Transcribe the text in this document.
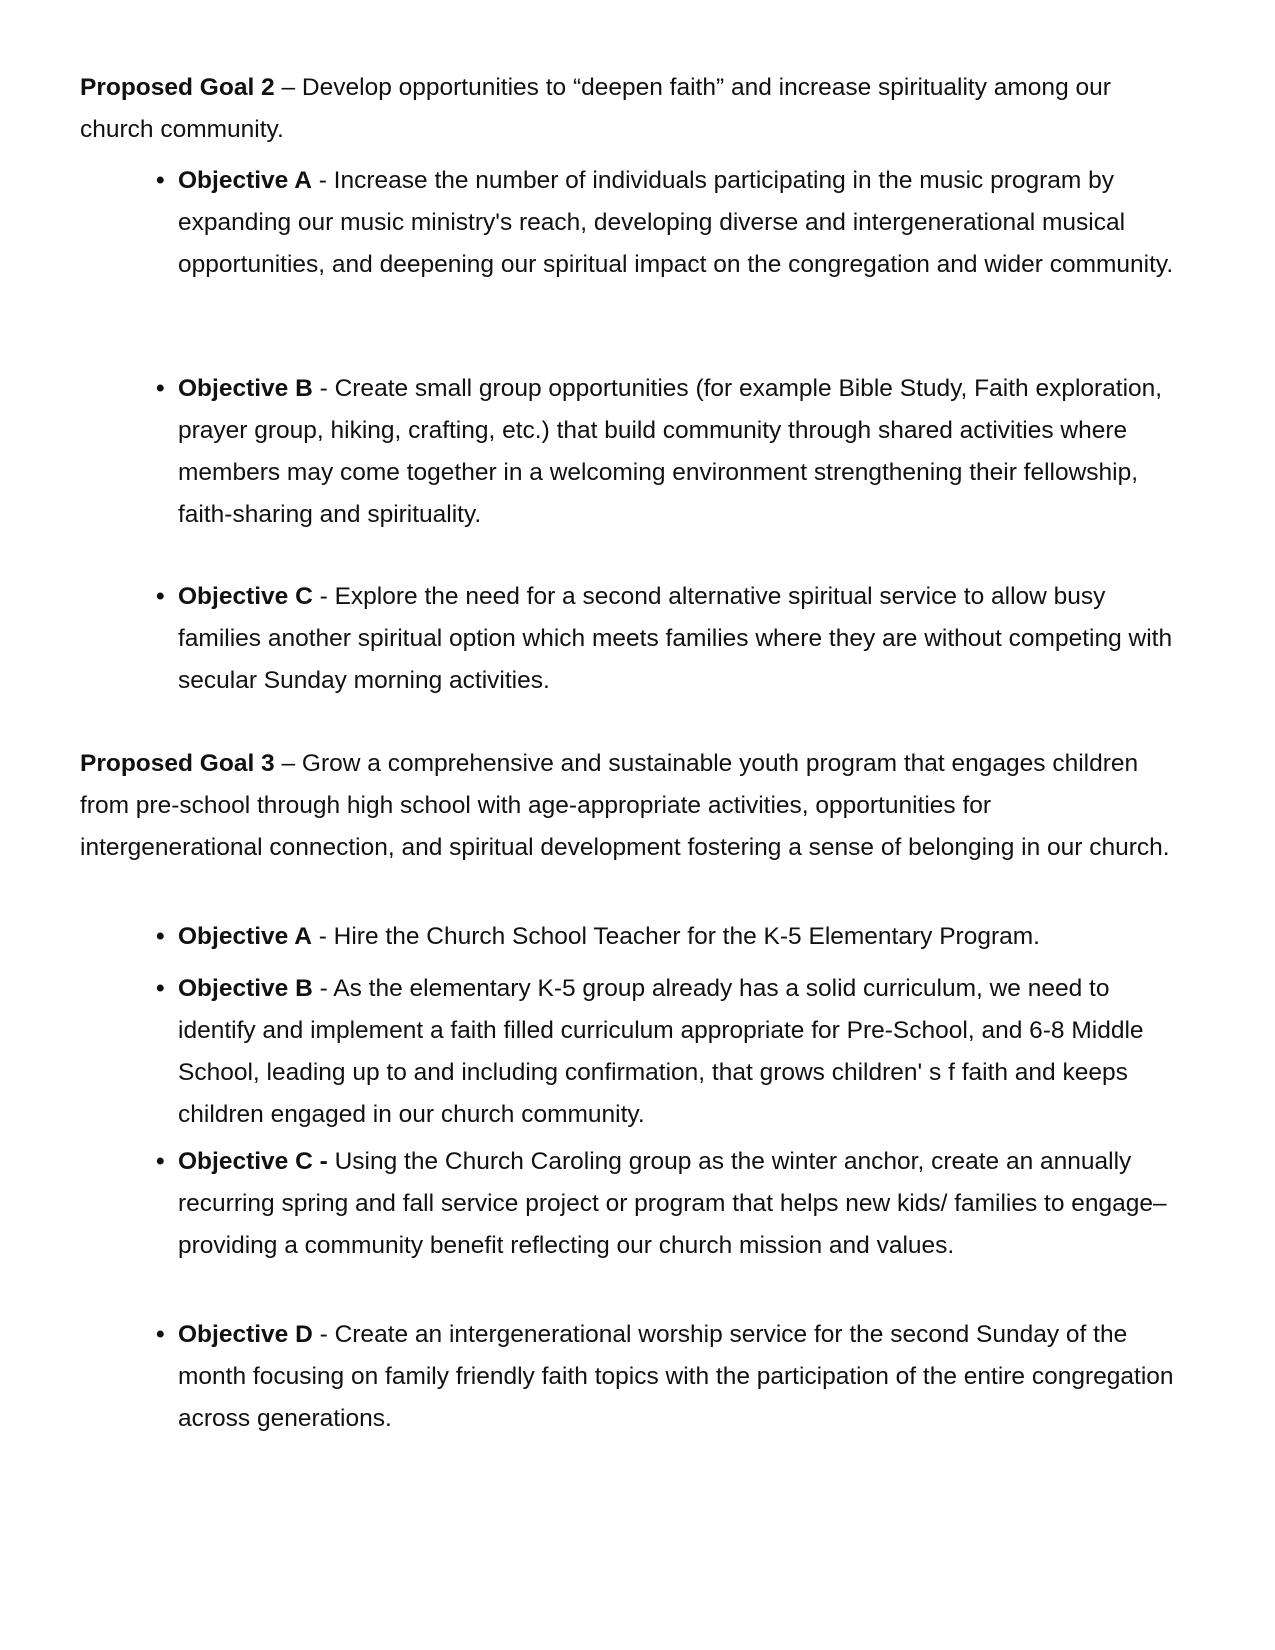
Proposed Goal 2 – Develop opportunities to “deepen faith” and increase spirituality among our church community.

• Objective A - Increase the number of individuals participating in the music program by expanding our music ministry's reach, developing diverse and intergenerational musical opportunities, and deepening our spiritual impact on the congregation and wider community.

• Objective B - Create small group opportunities (for example Bible Study, Faith exploration, prayer group, hiking, crafting, etc.) that build community through shared activities where members may come together in a welcoming environment strengthening their fellowship, faith-sharing and spirituality.

• Objective C - Explore the need for a second alternative spiritual service to allow busy families another spiritual option which meets families where they are without competing with secular Sunday morning activities.

Proposed Goal 3 – Grow a comprehensive and sustainable youth program that engages children from pre-school through high school with age-appropriate activities, opportunities for intergenerational connection, and spiritual development fostering a sense of belonging in our church.

• Objective A - Hire the Church School Teacher for the K-5 Elementary Program.

• Objective B - As the elementary K-5 group already has a solid curriculum, we need to identify and implement a faith filled curriculum appropriate for Pre-School, and 6-8 Middle School, leading up to and including confirmation, that grows children' s f faith and keeps children engaged in our church community.

• Objective C - Using the Church Caroling group as the winter anchor, create an annually recurring spring and fall service project or program that helps new kids/ families to engage–providing a community benefit reflecting our church mission and values.

• Objective D - Create an intergenerational worship service for the second Sunday of the month focusing on family friendly faith topics with the participation of the entire congregation across generations.
